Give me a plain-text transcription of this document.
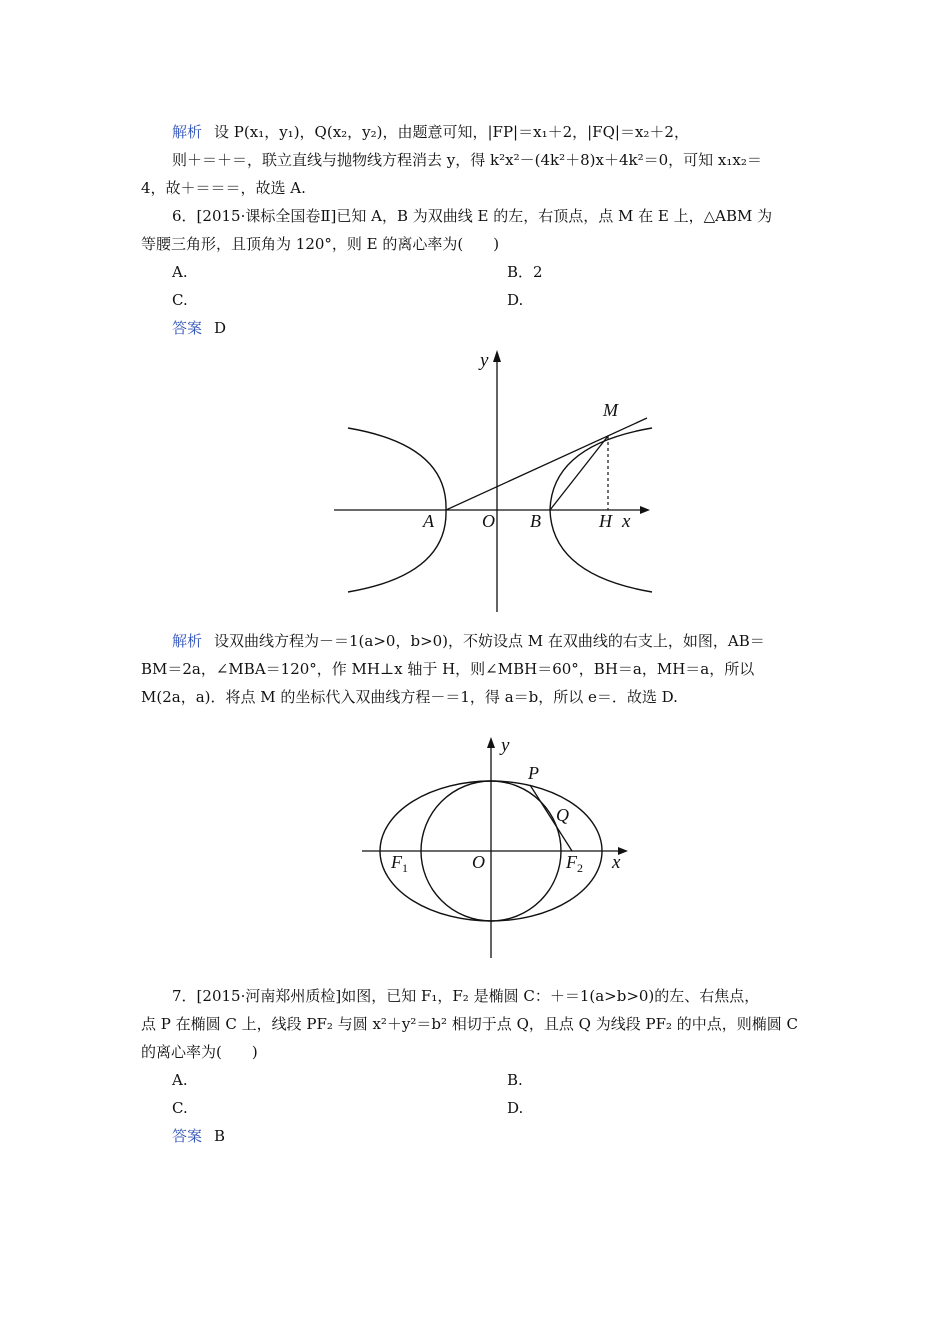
解析 设 P(x₁，y₁)，Q(x₂，y₂)，由题意可知，|FP|＝x₁＋2，|FQ|＝x₂＋2，
则＋＝＋＝，联立直线与抛物线方程消去 y，得 k²x²－(4k²＋8)x＋4k²＝0，可知 x₁x₂＝
4，故＋＝＝＝，故选 A.
6．[2015·课标全国卷Ⅱ]已知 A，B 为双曲线 E 的左，右顶点，点 M 在 E 上，△ABM 为
等腰三角形，且顶角为 120°，则 E 的离心率为(　　)
A.	B．2
C.	D.
答案 D
y
M
A	O B	H x
解析 设双曲线方程为－＝1(a>0，b>0)，不妨设点 M 在双曲线的右支上，如图，AB＝
BM＝2a，∠MBA＝120°，作 MH⊥x 轴于 H，则∠MBH＝60°，BH＝a，MH＝a，所以
M(2a，a)．将点 M 的坐标代入双曲线方程－＝1，得 a＝b，所以 e＝．故选 D.
y
P
Q
O	x
$F_1$	$F_2$
7．[2015·河南郑州质检]如图，已知 F₁，F₂ 是椭圆 C：＋＝1(a>b>0)的左、右焦点，
点 P 在椭圆 C 上，线段 PF₂ 与圆 x²＋y²＝b² 相切于点 Q，且点 Q 为线段 PF₂ 的中点，则椭圆 C
的离心率为(　　)
A.	B.
C.	D.
答案 B
